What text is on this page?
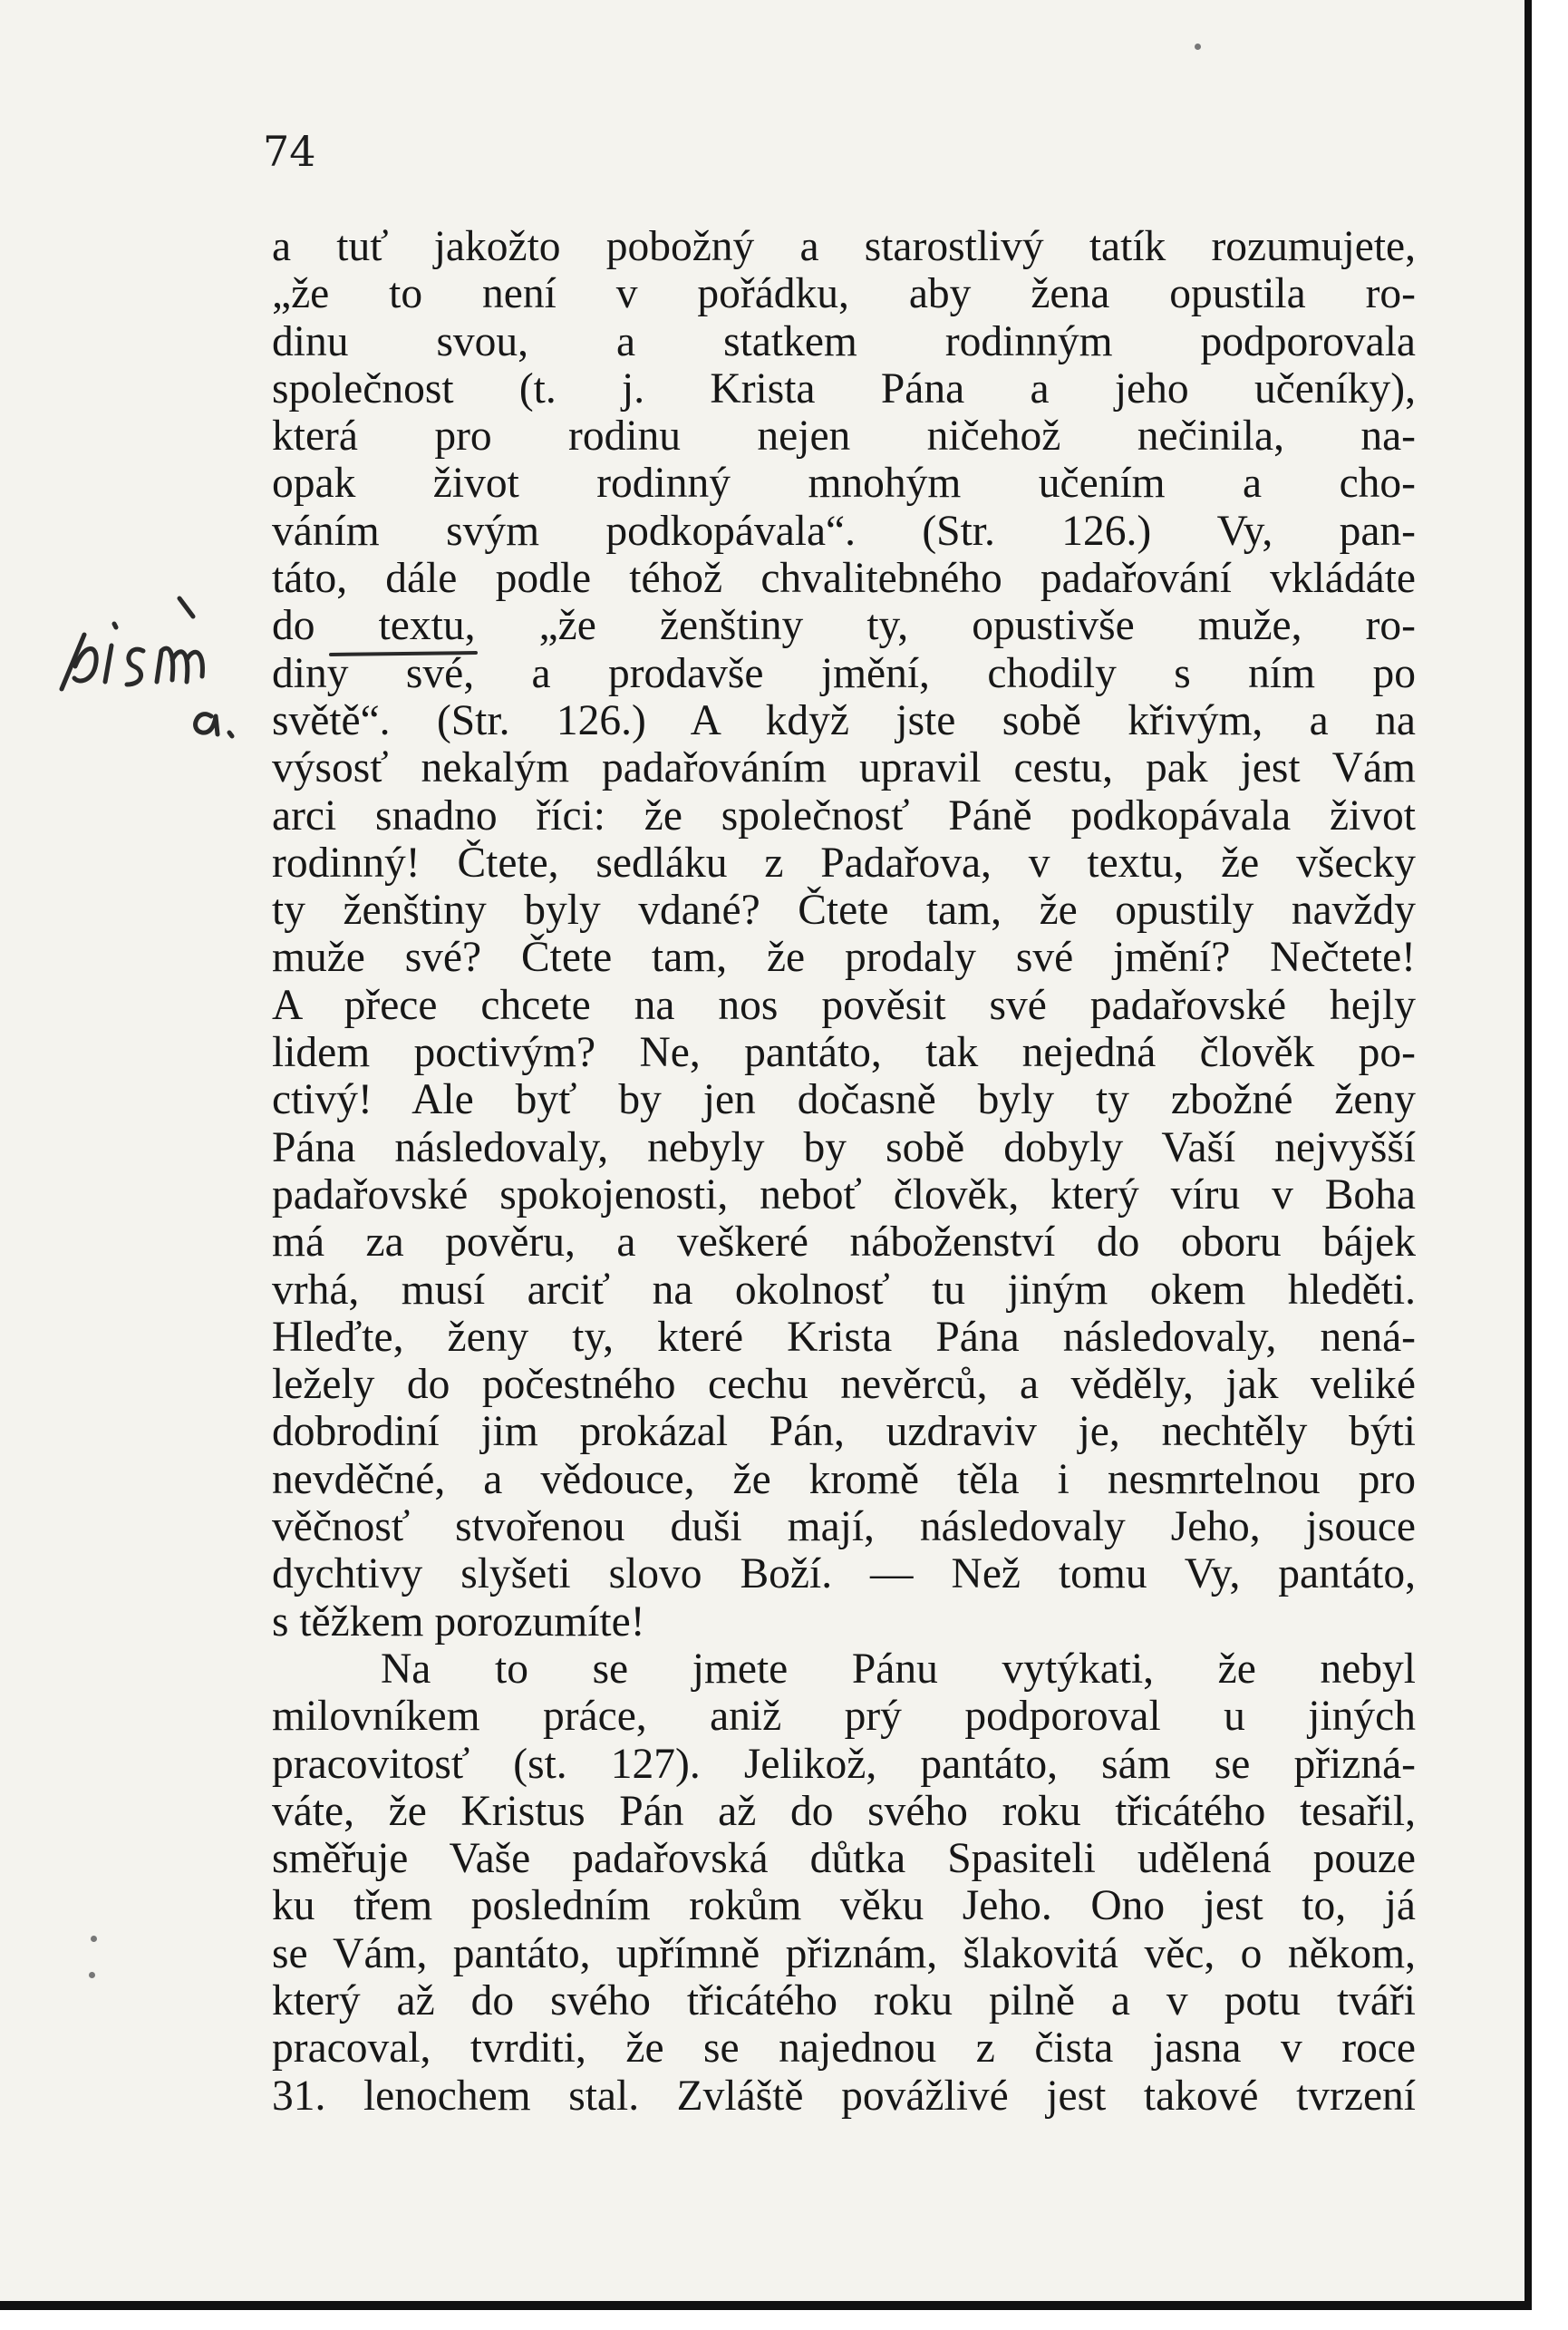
74
a tuť jakožto pobožný a starostlivý tatík rozumujete,
„že to není v pořádku, aby žena opustila ro-
dinu svou, a statkem rodinným podporovala
společnost (t. j. Krista Pána a jeho učeníky),
která pro rodinu nejen ničehož nečinila, na-
opak život rodinný mnohým učením a cho-
váním svým podkopávala“. (Str. 126.) Vy, pan-
táto, dále podle téhož chvalitebného padařování vkládáte
do textu, „že ženštiny ty, opustivše muže, ro-
diny své, a prodavše jmění, chodily s ním po
světě“. (Str. 126.) A když jste sobě křivým, a na
výsosť nekalým padařováním upravil cestu, pak jest Vám
arci snadno říci: že společnosť Páně podkopávala život
rodinný! Čtete, sedláku z Padařova, v textu, že všecky
ty ženštiny byly vdané? Čtete tam, že opustily navždy
muže své? Čtete tam, že prodaly své jmění? Nečtete!
A přece chcete na nos pověsit své padařovské hejly
lidem poctivým? Ne, pantáto, tak nejedná člověk po-
ctivý! Ale byť by jen dočasně byly ty zbožné ženy
Pána následovaly, nebyly by sobě dobyly Vaší nejvyšší
padařovské spokojenosti, neboť člověk, který víru v Boha
má za pověru, a veškeré náboženství do oboru bájek
vrhá, musí arciť na okolnosť tu jiným okem hleděti.
Hleďte, ženy ty, které Krista Pána následovaly, nená-
ležely do počestného cechu nevěrců, a věděly, jak veliké
dobrodiní jim prokázal Pán, uzdraviv je, nechtěly býti
nevděčné, a vědouce, že kromě těla i nesmrtelnou pro
věčnosť stvořenou duši mají, následovaly Jeho, jsouce
dychtivy slyšeti slovo Boží. — Než tomu Vy, pantáto,
s těžkem porozumíte!
Na to se jmete Pánu vytýkati, že nebyl
milovníkem práce, aniž prý podporoval u jiných
pracovitosť (st. 127). Jelikož, pantáto, sám se přizná-
váte, že Kristus Pán až do svého roku třicátého tesařil,
směřuje Vaše padařovská důtka Spasiteli udělená pouze
ku třem posledním rokům věku Jeho. Ono jest to, já
se Vám, pantáto, upřímně přiznám, šlakovitá věc, o někom,
který až do svého třicátého roku pilně a v potu tváři
pracoval, tvrditi, že se najednou z čista jasna v roce
31. lenochem stal. Zvláště povážlivé jest takové tvrzení
